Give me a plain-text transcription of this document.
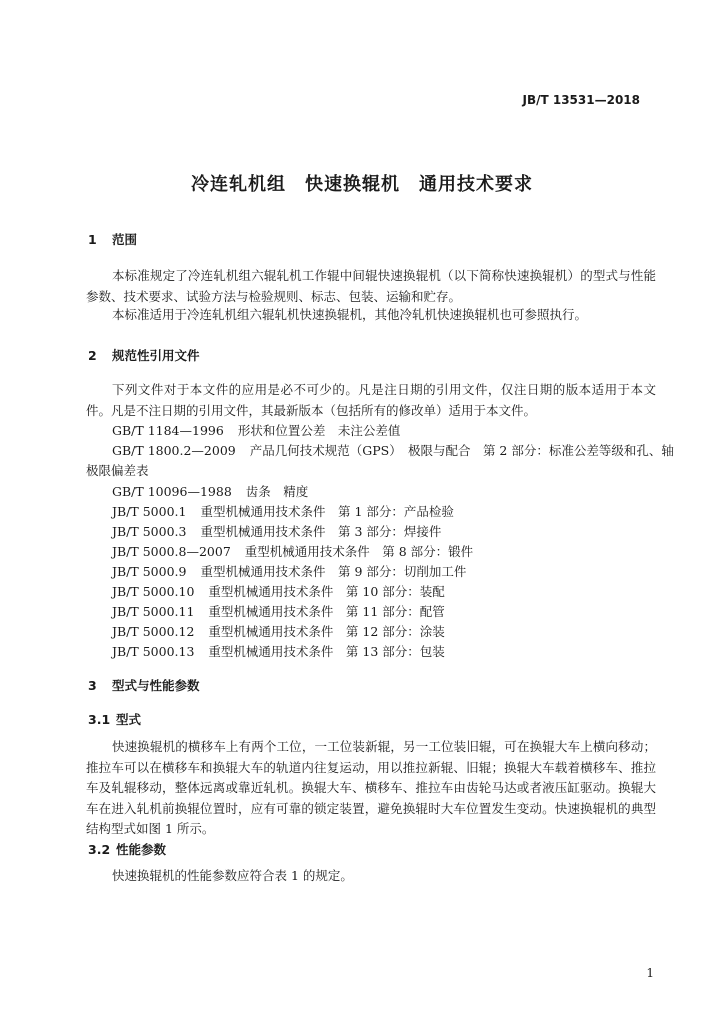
JB/T 13531—2018
冷连轧机组　快速换辊机　通用技术要求
1 范围
本标准规定了冷连轧机组六辊轧机工作辊中间辊快速换辊机（以下简称快速换辊机）的型式与性能参数、技术要求、试验方法与检验规则、标志、包装、运输和贮存。
本标准适用于冷连轧机组六辊轧机快速换辊机，其他冷轧机快速换辊机也可参照执行。
2 规范性引用文件
下列文件对于本文件的应用是必不可少的。凡是注日期的引用文件，仅注日期的版本适用于本文件。凡是不注日期的引用文件，其最新版本（包括所有的修改单）适用于本文件。
GB/T 1184—1996 形状和位置公差　未注公差值
GB/T 1800.2—2009 产品几何技术规范（GPS）　极限与配合　第 2 部分：标准公差等级和孔、轴
极限偏差表
GB/T 10096—1988 齿条　精度
JB/T 5000.1 重型机械通用技术条件　第 1 部分：产品检验
JB/T 5000.3 重型机械通用技术条件　第 3 部分：焊接件
JB/T 5000.8—2007 重型机械通用技术条件　第 8 部分：锻件
JB/T 5000.9 重型机械通用技术条件　第 9 部分：切削加工件
JB/T 5000.10 重型机械通用技术条件　第 10 部分：装配
JB/T 5000.11 重型机械通用技术条件　第 11 部分：配管
JB/T 5000.12 重型机械通用技术条件　第 12 部分：涂装
JB/T 5000.13 重型机械通用技术条件　第 13 部分：包装
3 型式与性能参数
3.1 型式
快速换辊机的横移车上有两个工位，一工位装新辊，另一工位装旧辊，可在换辊大车上横向移动；推拉车可以在横移车和换辊大车的轨道内往复运动，用以推拉新辊、旧辊；换辊大车载着横移车、推拉车及轧辊移动，整体远离或靠近轧机。换辊大车、横移车、推拉车由齿轮马达或者液压缸驱动。换辊大车在进入轧机前换辊位置时，应有可靠的锁定装置，避免换辊时大车位置发生变动。快速换辊机的典型结构型式如图 1 所示。
3.2 性能参数
快速换辊机的性能参数应符合表 1 的规定。
1
